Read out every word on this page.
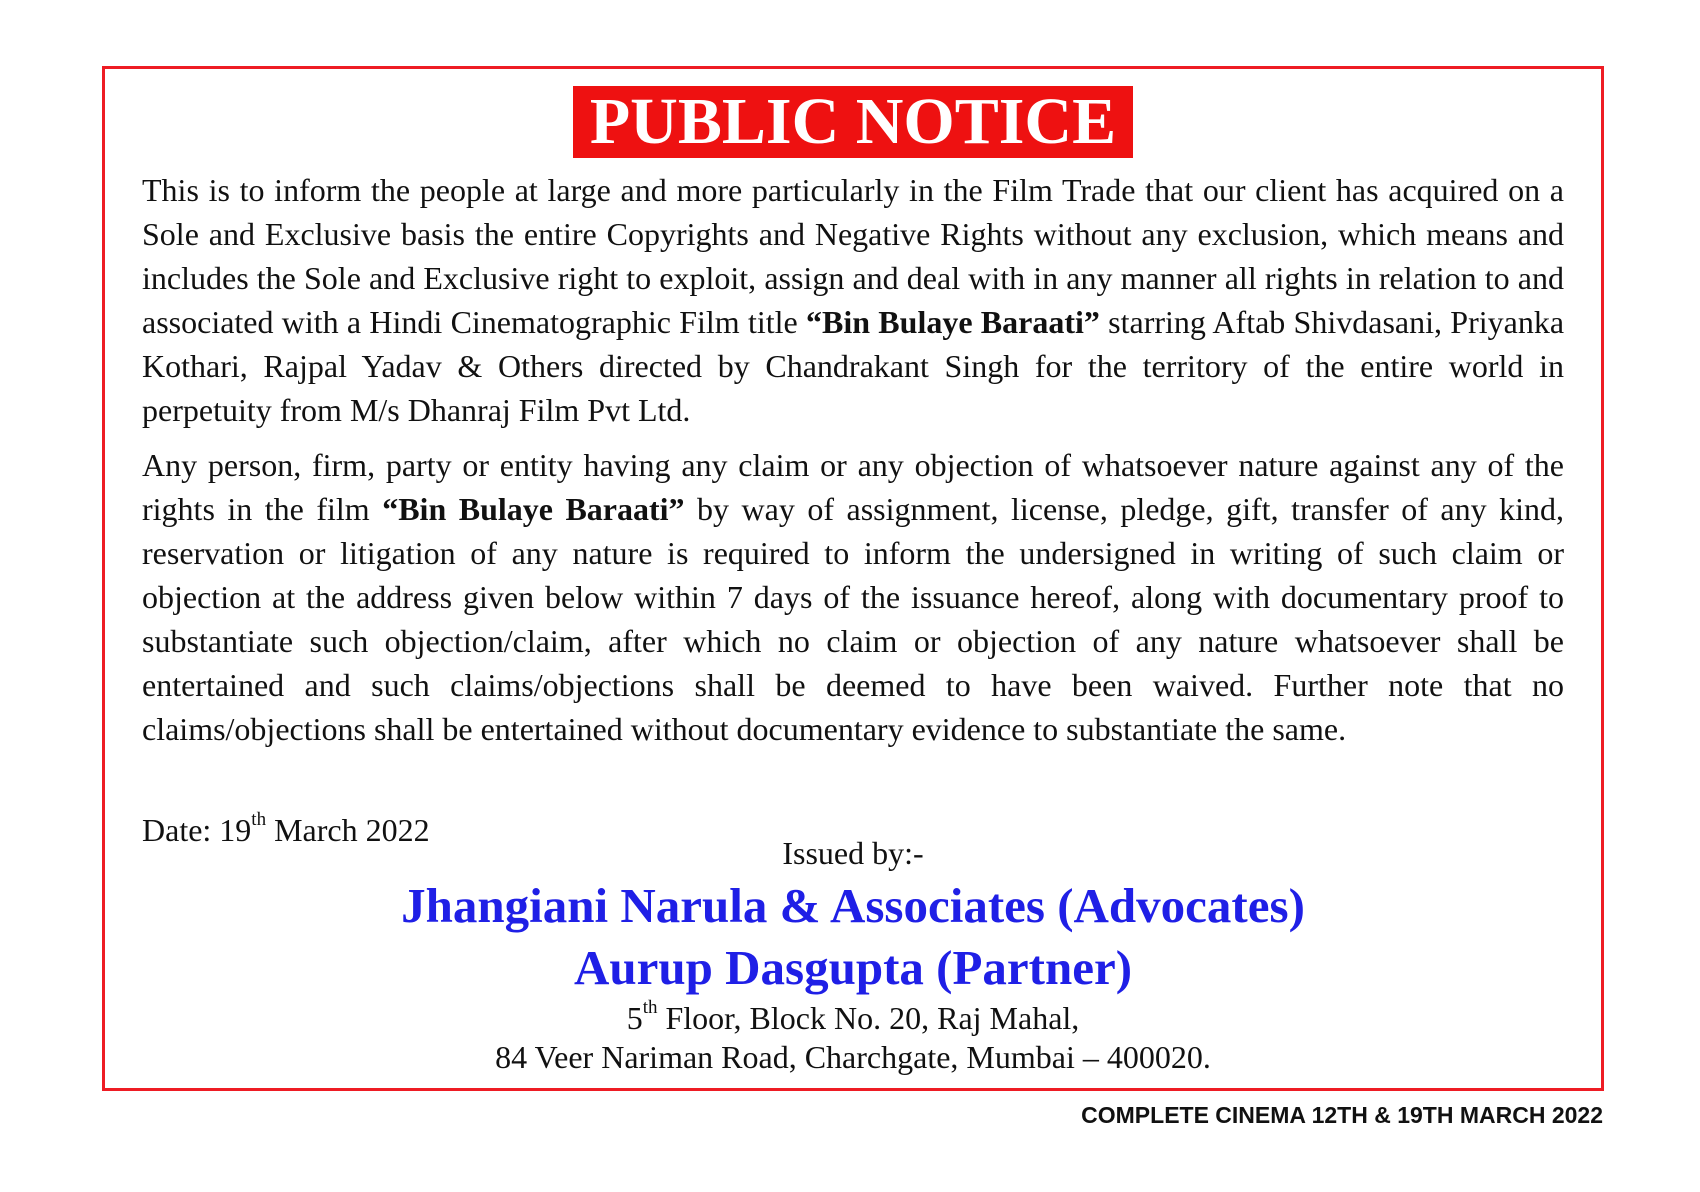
PUBLIC NOTICE

This is to inform the people at large and more particularly in the Film Trade that our client has acquired on a Sole and Exclusive basis the entire Copyrights and Negative Rights without any exclusion, which means and includes the Sole and Exclusive right to exploit, assign and deal with in any manner all rights in relation to and associated with a Hindi Cinematographic Film title “Bin Bulaye Baraati” starring Aftab Shivdasani, Priyanka Kothari, Rajpal Yadav & Others directed by Chandrakant Singh for the territory of the entire world in perpetuity from M/s Dhanraj Film Pvt Ltd.

Any person, firm, party or entity having any claim or any objection of whatsoever nature against any of the rights in the film “Bin Bulaye Baraati” by way of assignment, license, pledge, gift, transfer of any kind, reservation or litigation of any nature is required to inform the undersigned in writing of such claim or objection at the address given below within 7 days of the issuance hereof, along with documentary proof to substantiate such objection/claim, after which no claim or objection of any nature whatsoever shall be entertained and such claims/objections shall be deemed to have been waived. Further note that no claims/objections shall be entertained without documentary evidence to substantiate the same.

Date: 19th March 2022
Issued by:-
Jhangiani Narula & Associates (Advocates)
Aurup Dasgupta (Partner)
5th Floor, Block No. 20, Raj Mahal,
84 Veer Nariman Road, Charchgate, Mumbai – 400020.
COMPLETE CINEMA 12TH & 19TH MARCH 2022
